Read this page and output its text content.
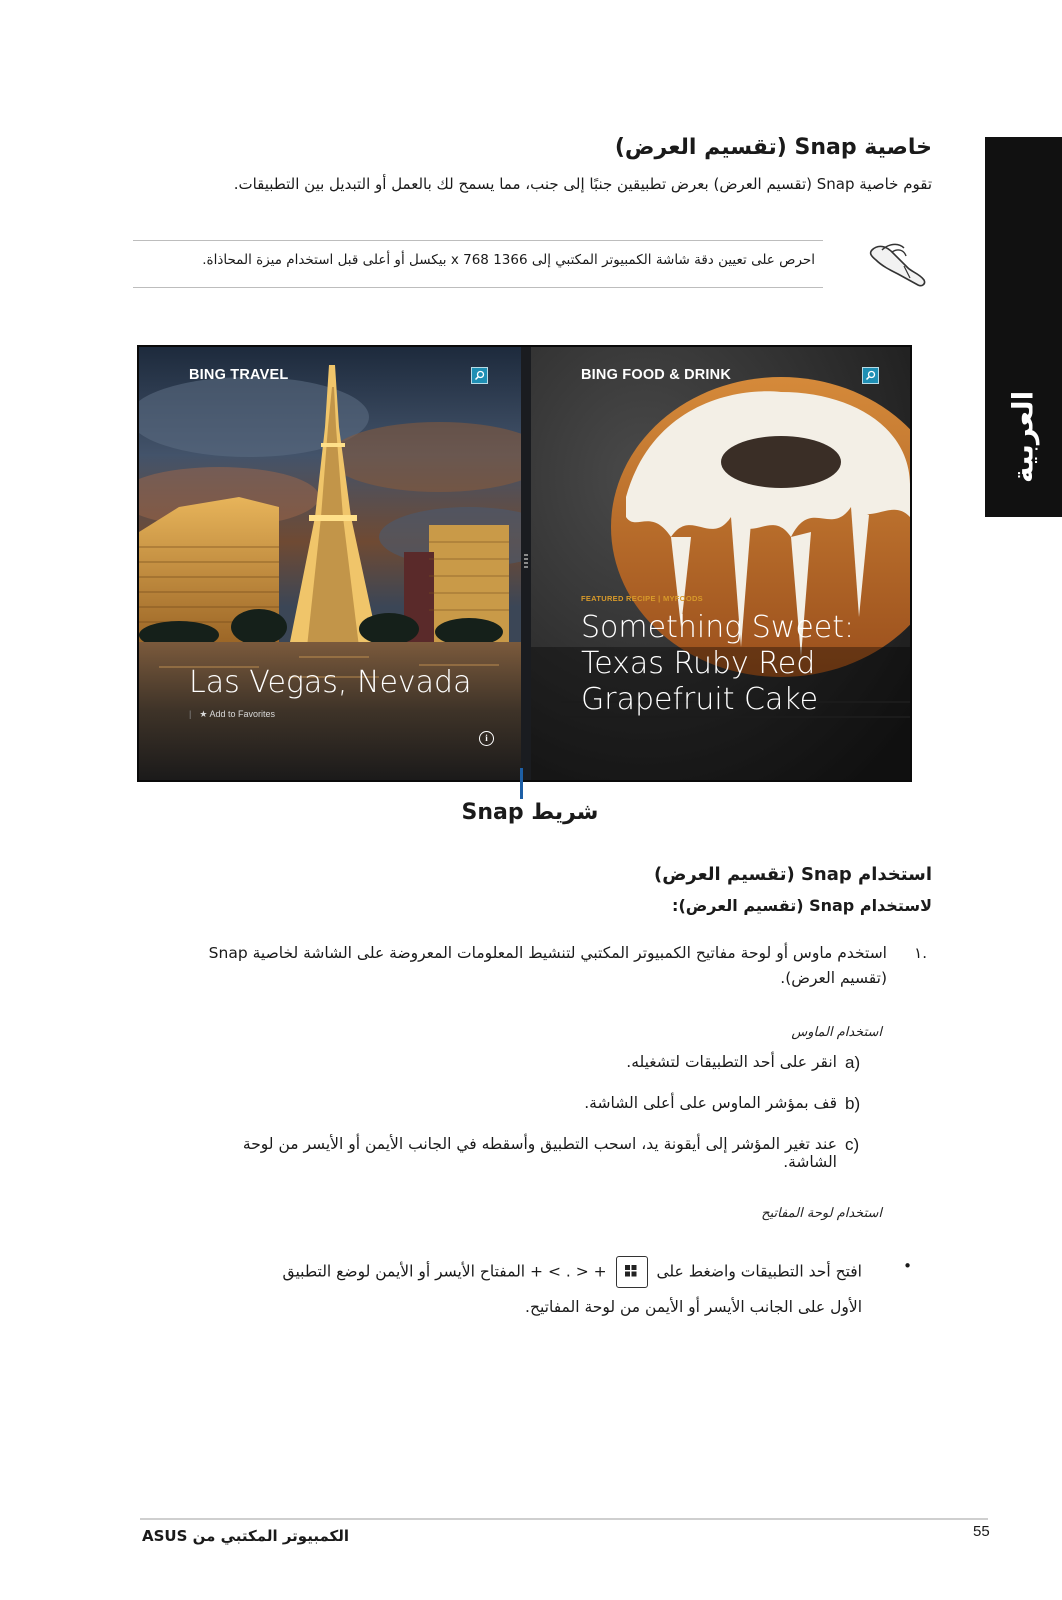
العربية
خاصية Snap (تقسيم العرض)
تقوم خاصية Snap (تقسيم العرض) بعرض تطبيقين جنبًا إلى جنب، مما يسمح لك بالعمل أو التبديل بين التطبيقات.
احرص على تعيين دقة شاشة الكمبيوتر المكتبي إلى 1366 x 768 بيكسل أو أعلى قبل استخدام ميزة المحاذاة.
BING TRAVEL
Las Vegas, Nevada
| ★ Add to Favorites
i
BING FOOD & DRINK
FEATURED RECIPE | MYFOODS
Something Sweet:
Texas Ruby Red
Grapefruit Cake
شريط Snap
استخدام Snap (تقسيم العرض)
لاستخدام Snap (تقسيم العرض):
.١
استخدم ماوس أو لوحة مفاتيح الكمبيوتر المكتبي لتنشيط المعلومات المعروضة على الشاشة لخاصية Snap (تقسيم العرض).
استخدام الماوس
a)
انقر على أحد التطبيقات لتشغيله.
b)
قف بمؤشر الماوس على أعلى الشاشة.
c)
عند تغير المؤشر إلى أيقونة يد، اسحب التطبيق وأسقطه في الجانب الأيمن أو الأيسر من لوحة الشاشة.
استخدام لوحة المفاتيح
•
افتح أحد التطبيقات واضغط على
+ < . > + المفتاح الأيسر أو الأيمن لوضع التطبيق
الأول على الجانب الأيسر أو الأيمن من لوحة المفاتيح.
الكمبيوتر المكتبي من ASUS	55
